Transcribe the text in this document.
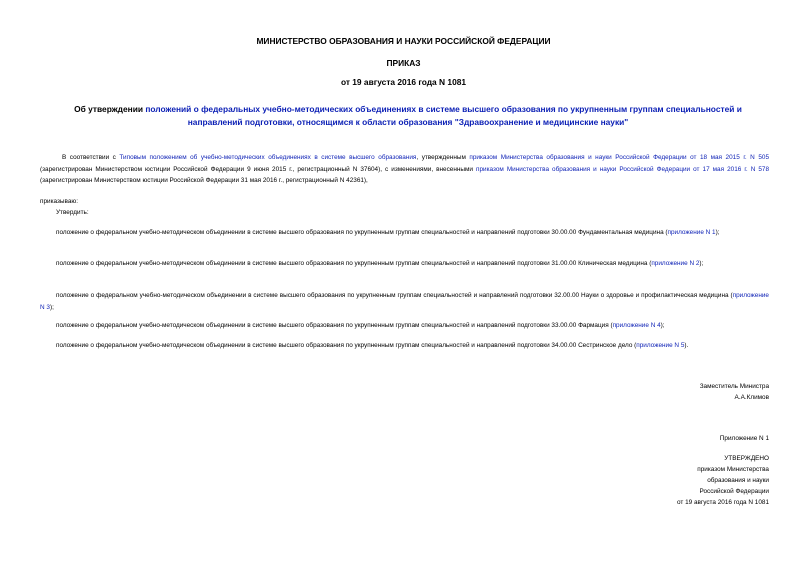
МИНИСТЕРСТВО ОБРАЗОВАНИЯ И НАУКИ РОССИЙСКОЙ ФЕДЕРАЦИИ
ПРИКАЗ
от 19 августа 2016 года N 1081
Об утверждении положений о федеральных учебно-методических объединениях в системе высшего образования по укрупненным группам специальностей и направлений подготовки, относящимся к области образования "Здравоохранение и медицинские науки"
В соответствии с Типовым положением об учебно-методических объединениях в системе высшего образования, утвержденным приказом Министерства образования и науки Российской Федерации от 18 мая 2015 г. N 505 (зарегистрирован Министерством юстиции Российской Федерации 9 июня 2015 г., регистрационный N 37604), с изменениями, внесенными приказом Министерства образования и науки Российской Федерации от 17 мая 2016 г. N 578 (зарегистрирован Министерством юстиции Российской Федерации 31 мая 2016 г., регистрационный N 42361),
приказываю:
Утвердить:
положение о федеральном учебно-методическом объединении в системе высшего образования по укрупненным группам специальностей и направлений подготовки 30.00.00 Фундаментальная медицина (приложение N 1);
положение о федеральном учебно-методическом объединении в системе высшего образования по укрупненным группам специальностей и направлений подготовки 31.00.00 Клиническая медицина (приложение N 2);
положение о федеральном учебно-методическом объединении в системе высшего образования по укрупненным группам специальностей и направлений подготовки 32.00.00 Науки о здоровье и профилактическая медицина (приложение N 3);
положение о федеральном учебно-методическом объединении в системе высшего образования по укрупненным группам специальностей и направлений подготовки 33.00.00 Фармация (приложение N 4);
положение о федеральном учебно-методическом объединении в системе высшего образования по укрупненным группам специальностей и направлений подготовки 34.00.00 Сестринское дело (приложение N 5).
Заместитель Министра
А.А.Климов
Приложение N 1
УТВЕРЖДЕНО
приказом Министерства
образования и науки
Российской Федерации
от 19 августа 2016 года N 1081
